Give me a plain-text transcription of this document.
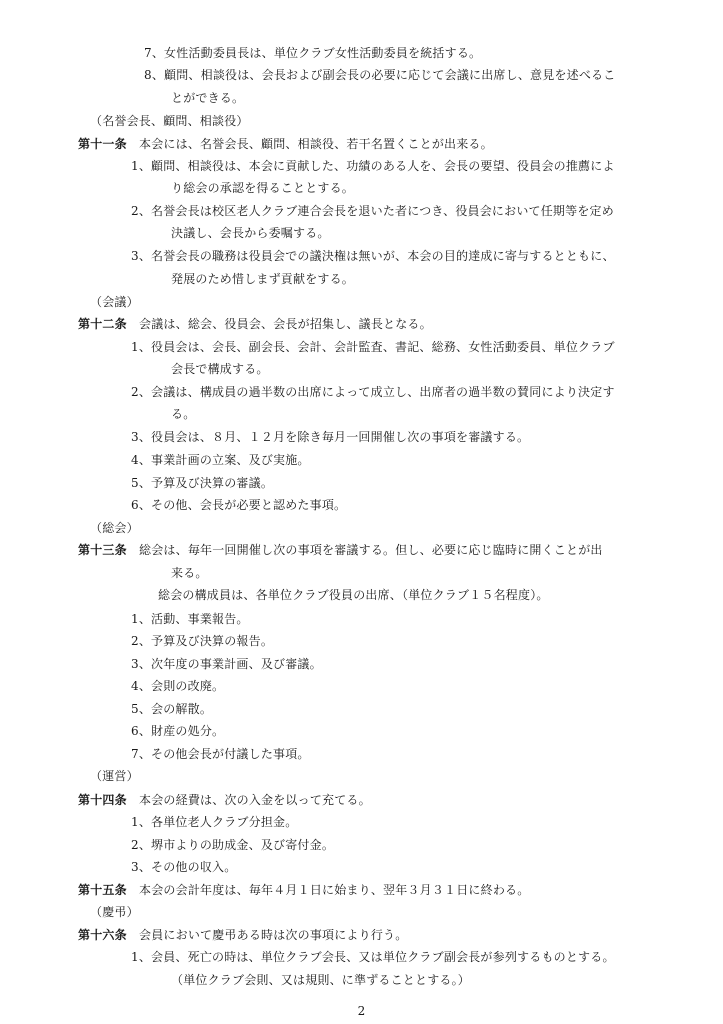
7、女性活動委員長は、単位クラブ女性活動委員を統括する。
8、顧問、相談役は、会長および副会長の必要に応じて会議に出席し、意見を述べるこ
とができる。
（名誉会長、顧問、相談役）
第十一条　本会には、名誉会長、顧問、相談役、若干名置くことが出来る。
1、顧問、相談役は、本会に貢献した、功績のある人を、会長の要望、役員会の推薦によ
り総会の承認を得ることとする。
2、名誉会長は校区老人クラブ連合会長を退いた者につき、役員会において任期等を定め
決議し、会長から委嘱する。
3、名誉会長の職務は役員会での議決権は無いが、本会の目的達成に寄与するとともに、
発展のため惜しまず貢献をする。
（会議）
第十二条　会議は、総会、役員会、会長が招集し、議長となる。
1、役員会は、会長、副会長、会計、会計監査、書記、総務、女性活動委員、単位クラブ
会長で構成する。
2、会議は、構成員の過半数の出席によって成立し、出席者の過半数の賛同により決定す
る。
3、役員会は、８月、１２月を除き毎月一回開催し次の事項を審議する。
4、事業計画の立案、及び実施。
5、予算及び決算の審議。
6、その他、会長が必要と認めた事項。
（総会）
第十三条　総会は、毎年一回開催し次の事項を審議する。但し、必要に応じ臨時に開くことが出
来る。
総会の構成員は、各単位クラブ役員の出席、（単位クラブ１５名程度）。
1、活動、事業報告。
2、予算及び決算の報告。
3、次年度の事業計画、及び審議。
4、会則の改廃。
5、会の解散。
6、財産の処分。
7、その他会長が付議した事項。
（運営）
第十四条　本会の経費は、次の入金を以って充てる。
1、各単位老人クラブ分担金。
2、堺市よりの助成金、及び寄付金。
3、その他の収入。
第十五条　本会の会計年度は、毎年４月１日に始まり、翌年３月３１日に終わる。
（慶弔）
第十六条　会員において慶弔ある時は次の事項により行う。
1、会員、死亡の時は、単位クラブ会長、又は単位クラブ副会長が参列するものとする。
（単位クラブ会則、又は規則、に準ずることとする。）
2
